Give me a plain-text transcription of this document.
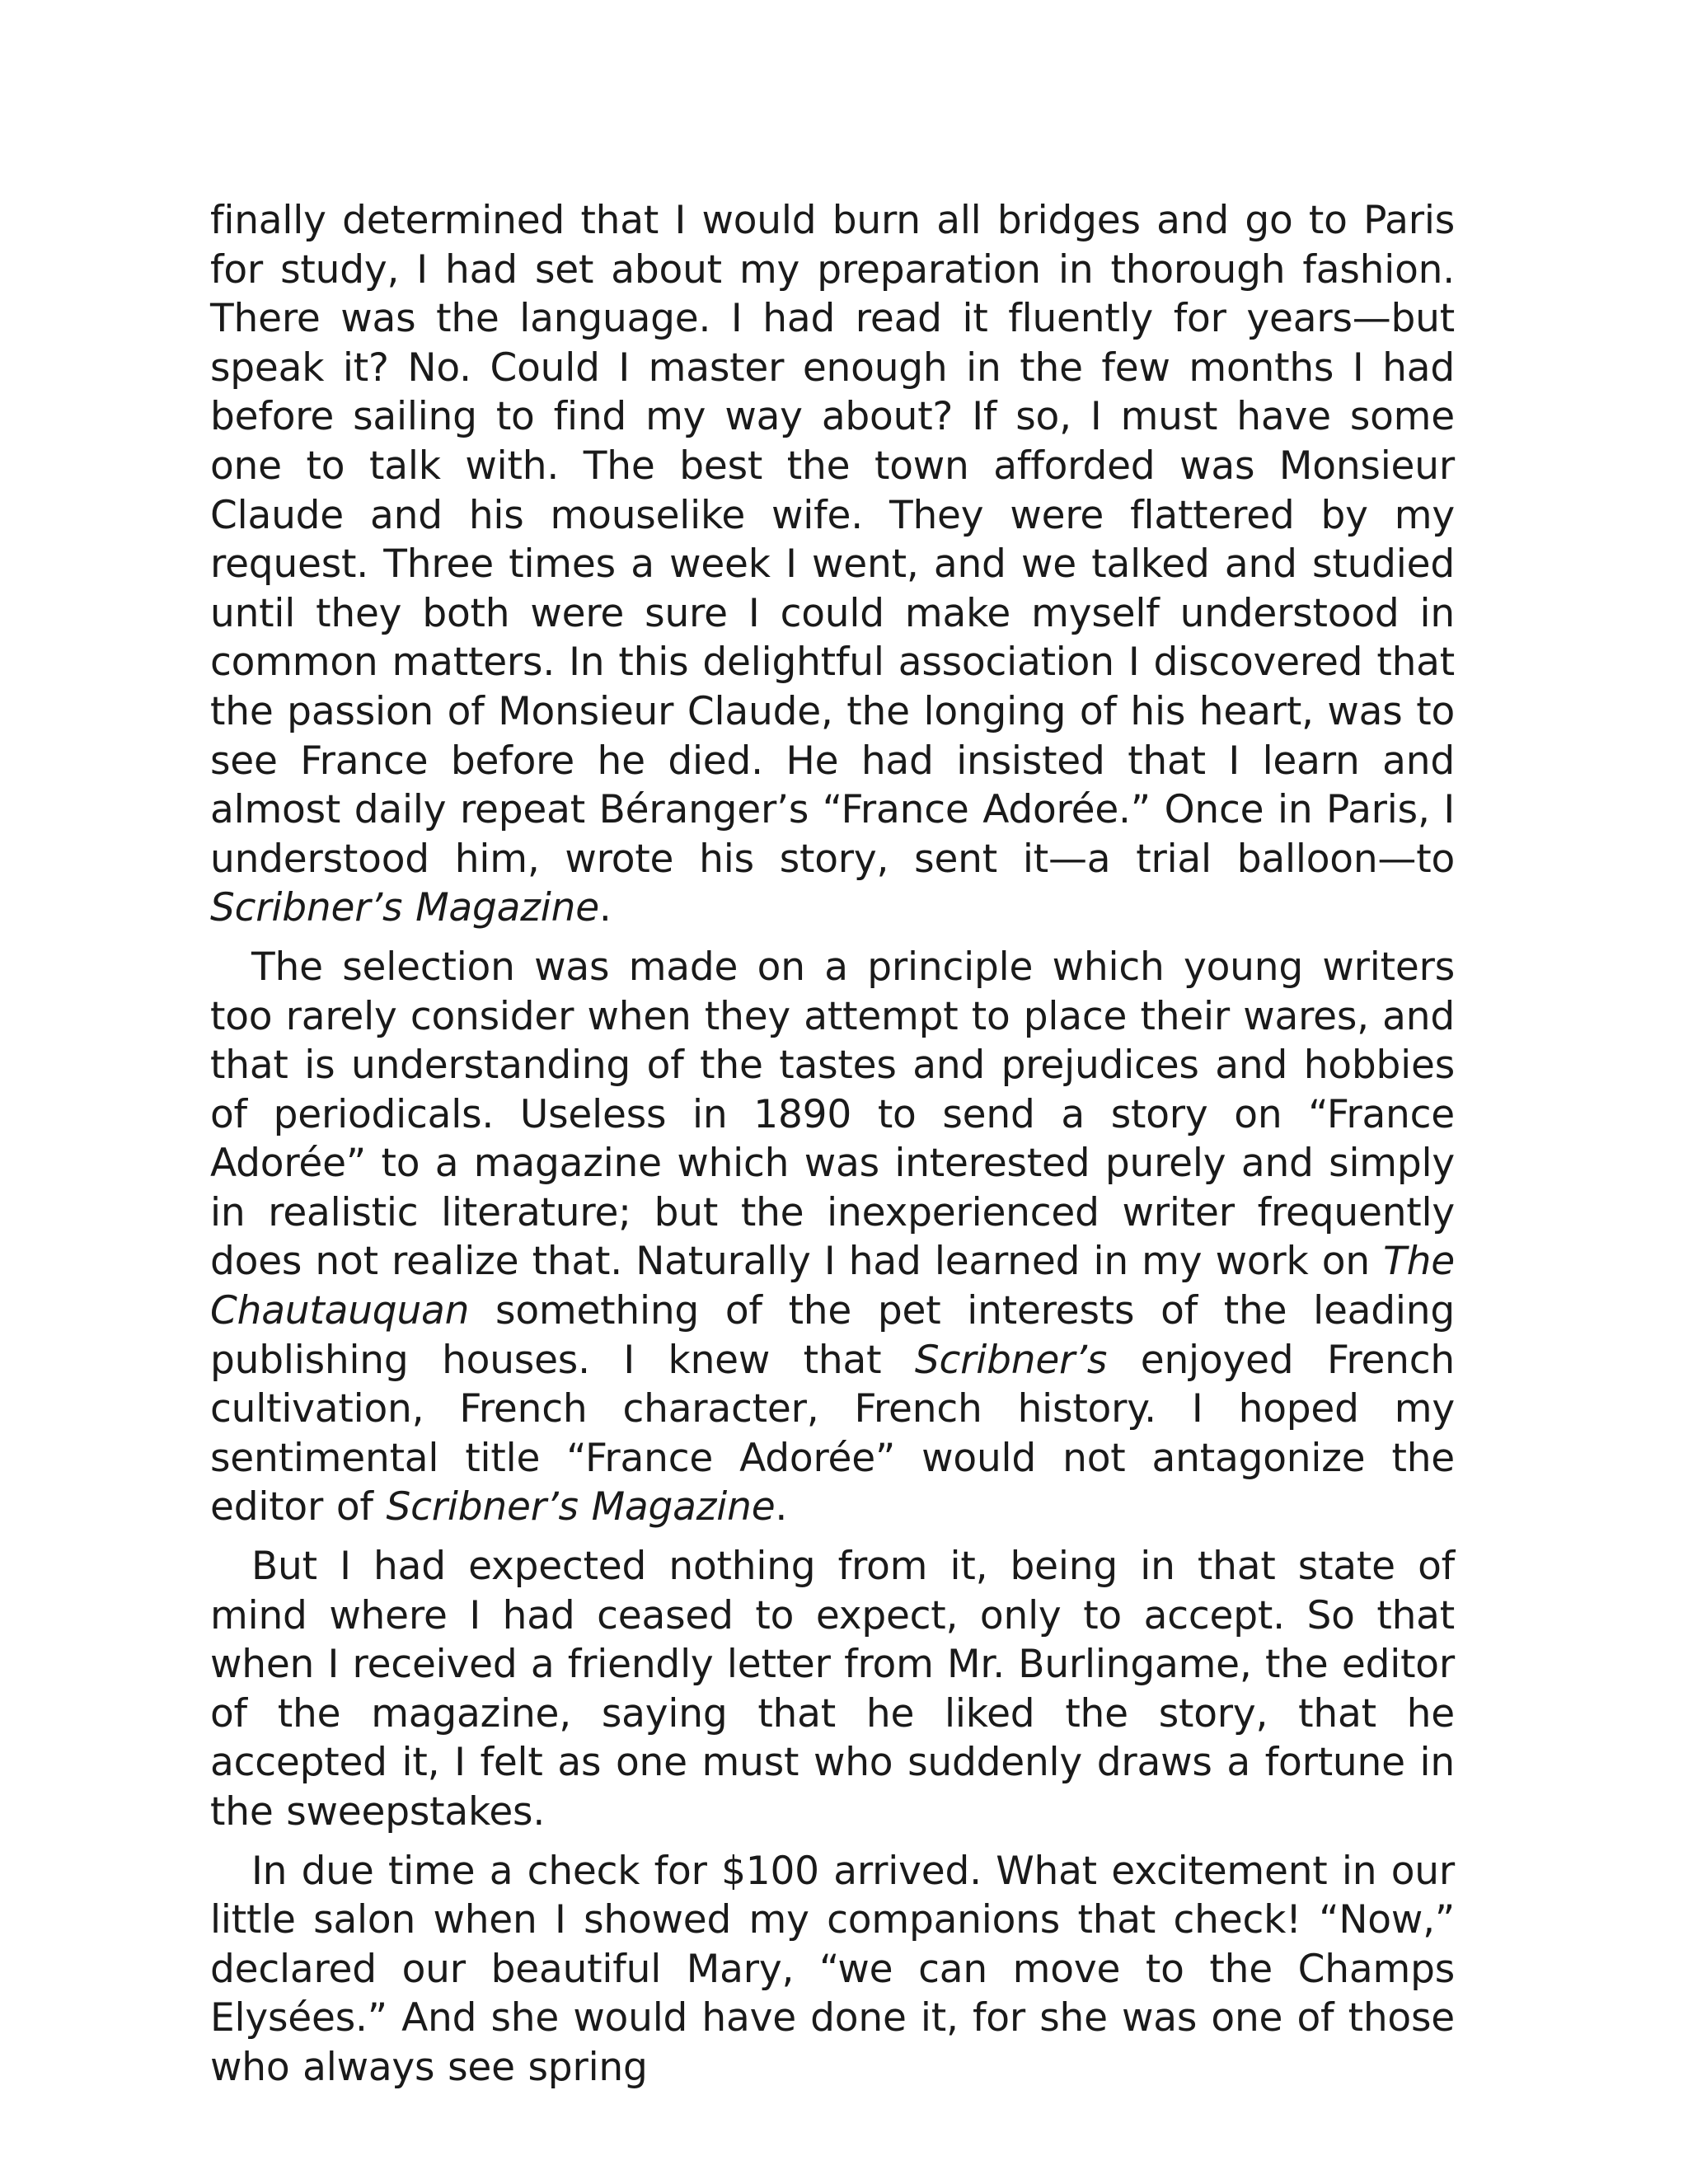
finally determined that I would burn all bridges and go to Paris for study, I had set about my preparation in thorough fashion. There was the language. I had read it fluently for years—but speak it? No. Could I master enough in the few months I had before sailing to find my way about? If so, I must have some one to talk with. The best the town afforded was Monsieur Claude and his mouselike wife. They were flattered by my request. Three times a week I went, and we talked and studied until they both were sure I could make myself understood in common matters. In this delightful association I discovered that the passion of Monsieur Claude, the longing of his heart, was to see France before he died. He had insisted that I learn and almost daily repeat Béranger’s “France Adorée.” Once in Paris, I understood him, wrote his story, sent it—a trial balloon—to Scribner’s Magazine.

The selection was made on a principle which young writers too rarely consider when they attempt to place their wares, and that is understanding of the tastes and prejudices and hobbies of periodicals. Useless in 1890 to send a story on “France Adorée” to a magazine which was interested purely and simply in realistic literature; but the inexperienced writer frequently does not realize that. Naturally I had learned in my work on The Chautauquan something of the pet interests of the leading publishing houses. I knew that Scribner’s enjoyed French cultivation, French character, French history. I hoped my sentimental title “France Adorée” would not antagonize the editor of Scribner’s Magazine.

But I had expected nothing from it, being in that state of mind where I had ceased to expect, only to accept. So that when I received a friendly letter from Mr. Burlingame, the editor of the magazine, saying that he liked the story, that he accepted it, I felt as one must who suddenly draws a fortune in the sweepstakes.

In due time a check for $100 arrived. What excitement in our little salon when I showed my companions that check! “Now,” declared our beautiful Mary, “we can move to the Champs Elysées.” And she would have done it, for she was one of those who always see spring
